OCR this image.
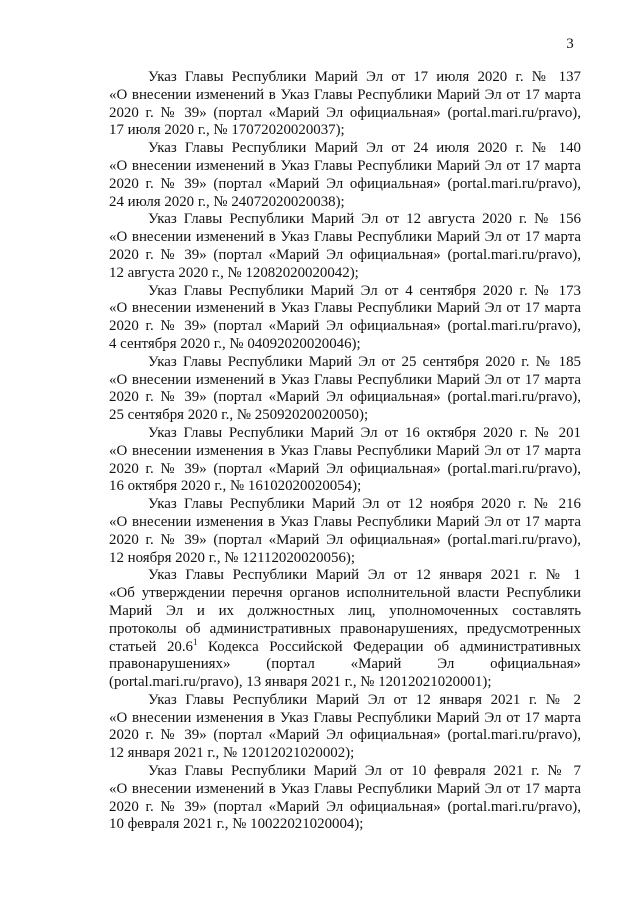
3
Указ Главы Республики Марий Эл от 17 июля 2020 г. № 137
«О внесении изменений в Указ Главы Республики Марий Эл от 17 марта
2020 г. № 39» (портал «Марий Эл официальная» (portal.mari.ru/pravo),
17 июля 2020 г., № 17072020020037);
Указ Главы Республики Марий Эл от 24 июля 2020 г. № 140
«О внесении изменений в Указ Главы Республики Марий Эл от 17 марта
2020 г. № 39» (портал «Марий Эл официальная» (portal.mari.ru/pravo),
24 июля 2020 г., № 24072020020038);
Указ Главы Республики Марий Эл от 12 августа 2020 г. № 156
«О внесении изменений в Указ Главы Республики Марий Эл от 17 марта
2020 г. № 39» (портал «Марий Эл официальная» (portal.mari.ru/pravo),
12 августа 2020 г., № 12082020020042);
Указ Главы Республики Марий Эл от 4 сентября 2020 г. № 173
«О внесении изменений в Указ Главы Республики Марий Эл от 17 марта
2020 г. № 39» (портал «Марий Эл официальная» (portal.mari.ru/pravo),
4 сентября 2020 г., № 04092020020046);
Указ Главы Республики Марий Эл от 25 сентября 2020 г. № 185
«О внесении изменений в Указ Главы Республики Марий Эл от 17 марта
2020 г. № 39» (портал «Марий Эл официальная» (portal.mari.ru/pravo),
25 сентября 2020 г., № 25092020020050);
Указ Главы Республики Марий Эл от 16 октября 2020 г. № 201
«О внесении изменения в Указ Главы Республики Марий Эл от 17 марта
2020 г. № 39» (портал «Марий Эл официальная» (portal.mari.ru/pravo),
16 октября 2020 г., № 16102020020054);
Указ Главы Республики Марий Эл от 12 ноября 2020 г. № 216
«О внесении изменения в Указ Главы Республики Марий Эл от 17 марта
2020 г. № 39» (портал «Марий Эл официальная» (portal.mari.ru/pravo),
12 ноября 2020 г., № 12112020020056);
Указ Главы Республики Марий Эл от 12 января 2021 г. № 1
«Об утверждении перечня органов исполнительной власти Республики
Марий Эл и их должностных лиц, уполномоченных составлять
протоколы об административных правонарушениях, предусмотренных
статьей 20.6$^1$ Кодекса Российской Федерации об административных
правонарушениях» (портал «Марий Эл официальная»
(portal.mari.ru/pravo), 13 января 2021 г., № 12012021020001);
Указ Главы Республики Марий Эл от 12 января 2021 г. № 2
«О внесении изменения в Указ Главы Республики Марий Эл от 17 марта
2020 г. № 39» (портал «Марий Эл официальная» (portal.mari.ru/pravo),
12 января 2021 г., № 12012021020002);
Указ Главы Республики Марий Эл от 10 февраля 2021 г. № 7
«О внесении изменений в Указ Главы Республики Марий Эл от 17 марта
2020 г. № 39» (портал «Марий Эл официальная» (portal.mari.ru/pravo),
10 февраля 2021 г., № 10022021020004);
